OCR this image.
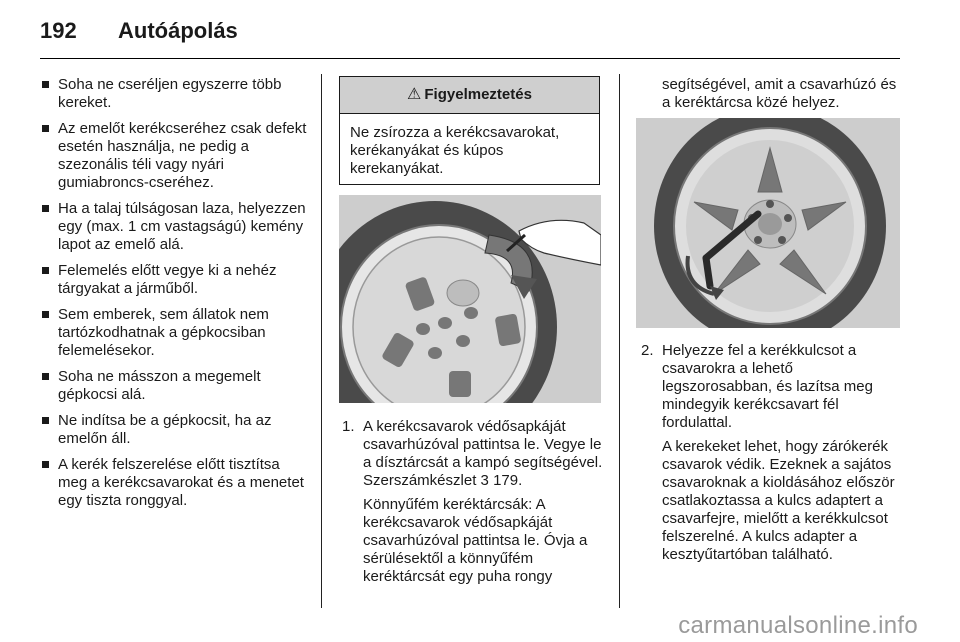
192 Autóápolás
Soha ne cseréljen egyszerre több kereket.
Az emelőt kerékcseréhez csak defekt esetén használja, ne pedig a szezonális téli vagy nyári gumiabroncs-cseréhez.
Ha a talaj túlságosan laza, helyezzen egy (max. 1 cm vastagságú) kemény lapot az emelő alá.
Felemelés előtt vegye ki a nehéz tárgyakat a járműből.
Sem emberek, sem állatok nem tartózkodhatnak a gépkocsiban felemelésekor.
Soha ne másszon a megemelt gépkocsi alá.
Ne indítsa be a gépkocsit, ha az emelőn áll.
A kerék felszerelése előtt tisztítsa meg a kerékcsavarokat és a menetet egy tiszta ronggyal.
⚠ Figyelmeztetés
Ne zsírozza a kerékcsavarokat, kerékanyákat és kúpos kerekanyákat.
1. A kerékcsavarok védősapkáját csavarhúzóval pattintsa le. Vegye le a dísztárcsát a kampó segítségével. Szerszámkészlet 3 179.

Könnyűfém keréktárcsák: A kerékcsavarok védősapkáját csavarhúzóval pattintsa le. Óvja a sérülésektől a könnyűfém keréktárcsát egy puha rongy

segítségével, amit a csavarhúzó és a keréktárcsa közé helyez.
2. Helyezze fel a kerékkulcsot a csavarokra a lehető legszorosabban, és lazítsa meg mindegyik kerékcsavart fél fordulattal.

A kerekeket lehet, hogy zárókerék csavarok védik. Ezeknek a sajátos csavaroknak a kioldásához először csatlakoztassa a kulcs adaptert a csavarfejre, mielőtt a kerékkulcsot felszerelné. A kulcs adapter a kesztyűtartóban található.

carmanualsonline.info
